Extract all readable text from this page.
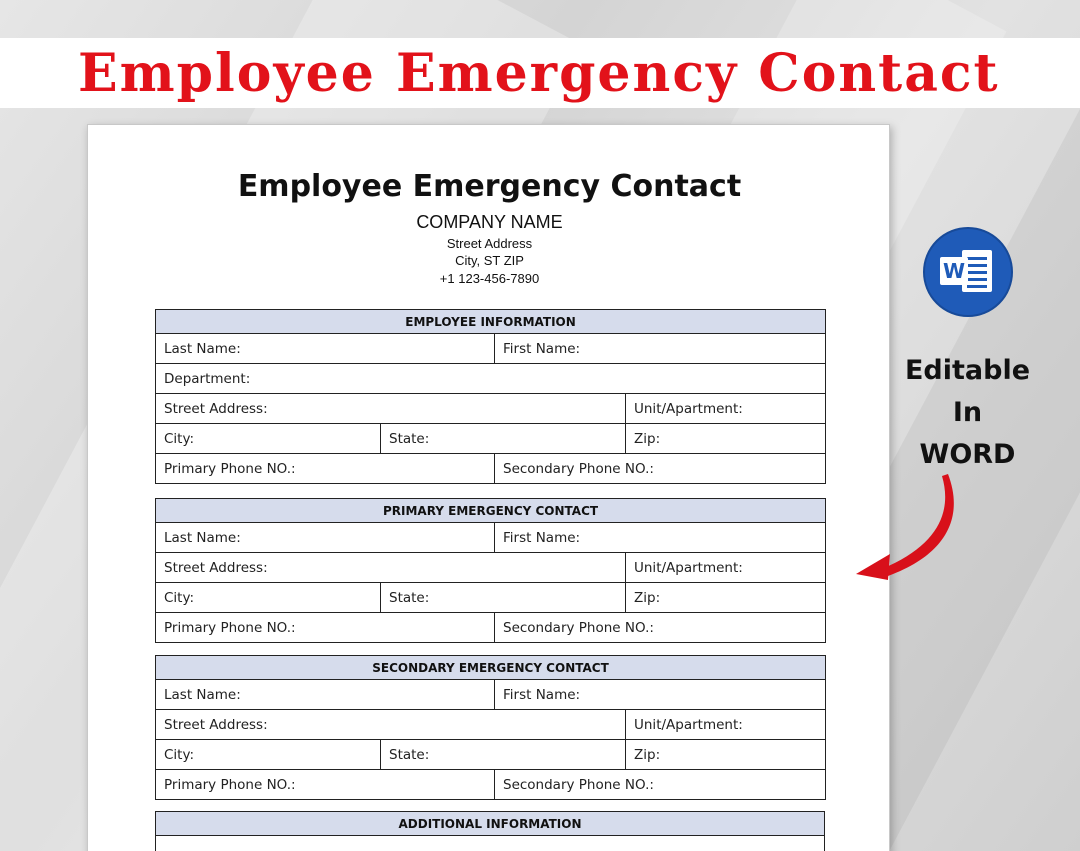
Employee Emergency Contact
Employee Emergency Contact
COMPANY NAME
Street Address
City, ST ZIP
+1 123-456-7890
EMPLOYEE INFORMATION			
Last Name:		First Name:	
Department:			
Street Address:			Unit/Apartment:
City:	State:		Zip:
Primary Phone NO.:		Secondary Phone NO.:	
PRIMARY EMERGENCY CONTACT			
Last Name:		First Name:	
Street Address:			Unit/Apartment:
City:	State:		Zip:
Primary Phone NO.:		Secondary Phone NO.:	
SECONDARY EMERGENCY CONTACT			
Last Name:		First Name:	
Street Address:			Unit/Apartment:
City:	State:		Zip:
Primary Phone NO.:		Secondary Phone NO.:	
ADDITIONAL INFORMATION

W
Editable
In
WORD
